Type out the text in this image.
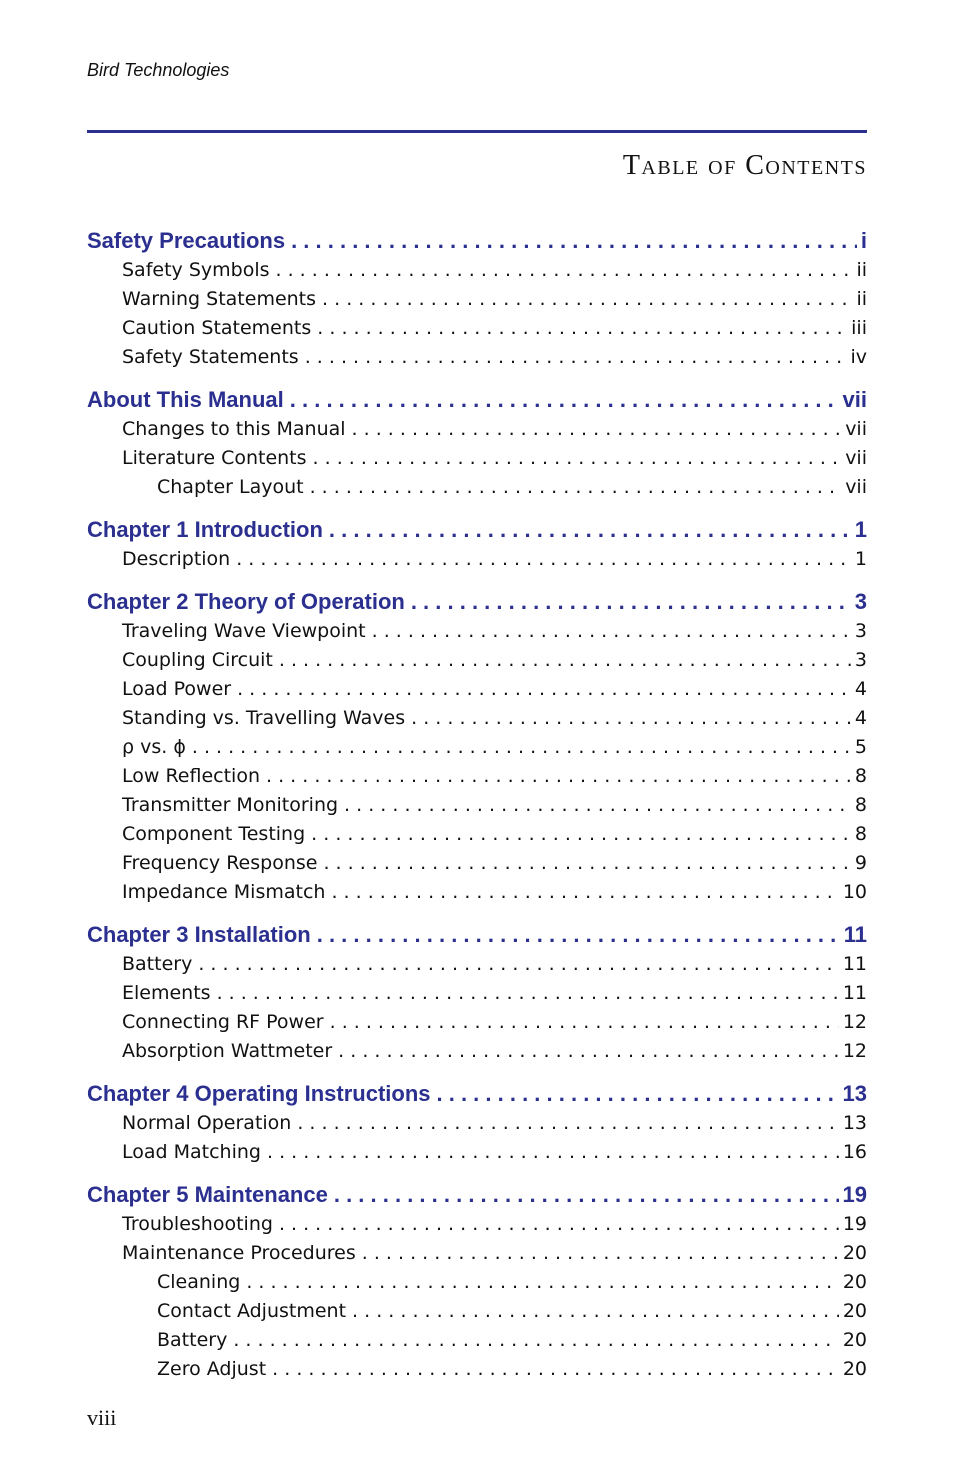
Bird Technologies
Table of Contents
Safety Precautions . . .	i
Safety Symbols . . .	ii
Warning Statements . . .	ii
Caution Statements . . .	iii
Safety Statements . . .	iv
About This Manual . . .	vii
Changes to this Manual . . .	vii
Literature Contents . . .	vii
Chapter Layout . . .	vii
Chapter 1 Introduction . . .	1
Description . . .	1
Chapter 2 Theory of Operation . . .	3
Traveling Wave Viewpoint . . .	3
Coupling Circuit . . .	3
Load Power . . .	4
Standing vs. Travelling Waves . . .	4
ρ vs. ϕ . . .	5
Low Reflection . . .	8
Transmitter Monitoring . . .	8
Component Testing . . .	8
Frequency Response . . .	9
Impedance Mismatch . . .	10
Chapter 3 Installation . . .	11
Battery . . .	11
Elements . . .	11
Connecting RF Power . . .	12
Absorption Wattmeter . . .	12
Chapter 4 Operating Instructions . . .	13
Normal Operation . . .	13
Load Matching . . .	16
Chapter 5 Maintenance . . .	19
Troubleshooting . . .	19
Maintenance Procedures . . .	20
Cleaning . . .	20
Contact Adjustment . . .	20
Battery . . .	20
Zero Adjust . . .	20
viii
